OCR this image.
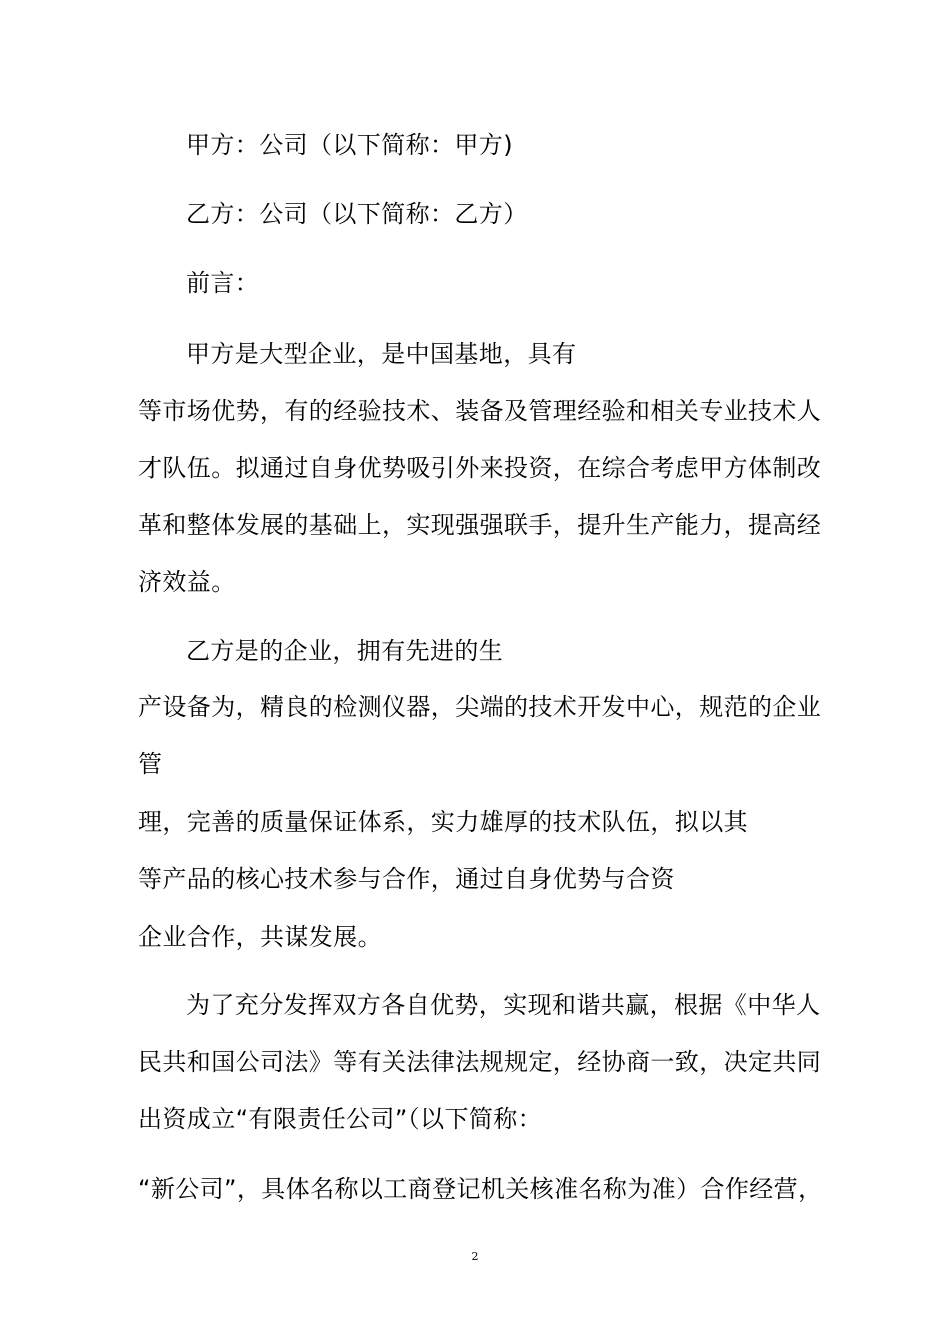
甲方：公司（以下简称：甲方)
乙方：公司（以下简称：乙方）
前言：
甲方是大型企业，是中国基地，具有
等市场优势，有的经验技术、装备及管理经验和相关专业技术人
才队伍。拟通过自身优势吸引外来投资，在综合考虑甲方体制改
革和整体发展的基础上，实现强强联手，提升生产能力，提高经
济效益。
乙方是的企业，拥有先进的生
产设备为，精良的检测仪器，尖端的技术开发中心，规范的企业
管
理，完善的质量保证体系，实力雄厚的技术队伍，拟以其
等产品的核心技术参与合作，通过自身优势与合资
企业合作，共谋发展。
为了充分发挥双方各自优势，实现和谐共赢，根据《中华人
民共和国公司法》等有关法律法规规定，经协商一致，决定共同
出资成立“有限责任公司”（以下简称：
“新公司”，具体名称以工商登记机关核准名称为准）合作经营，
2
